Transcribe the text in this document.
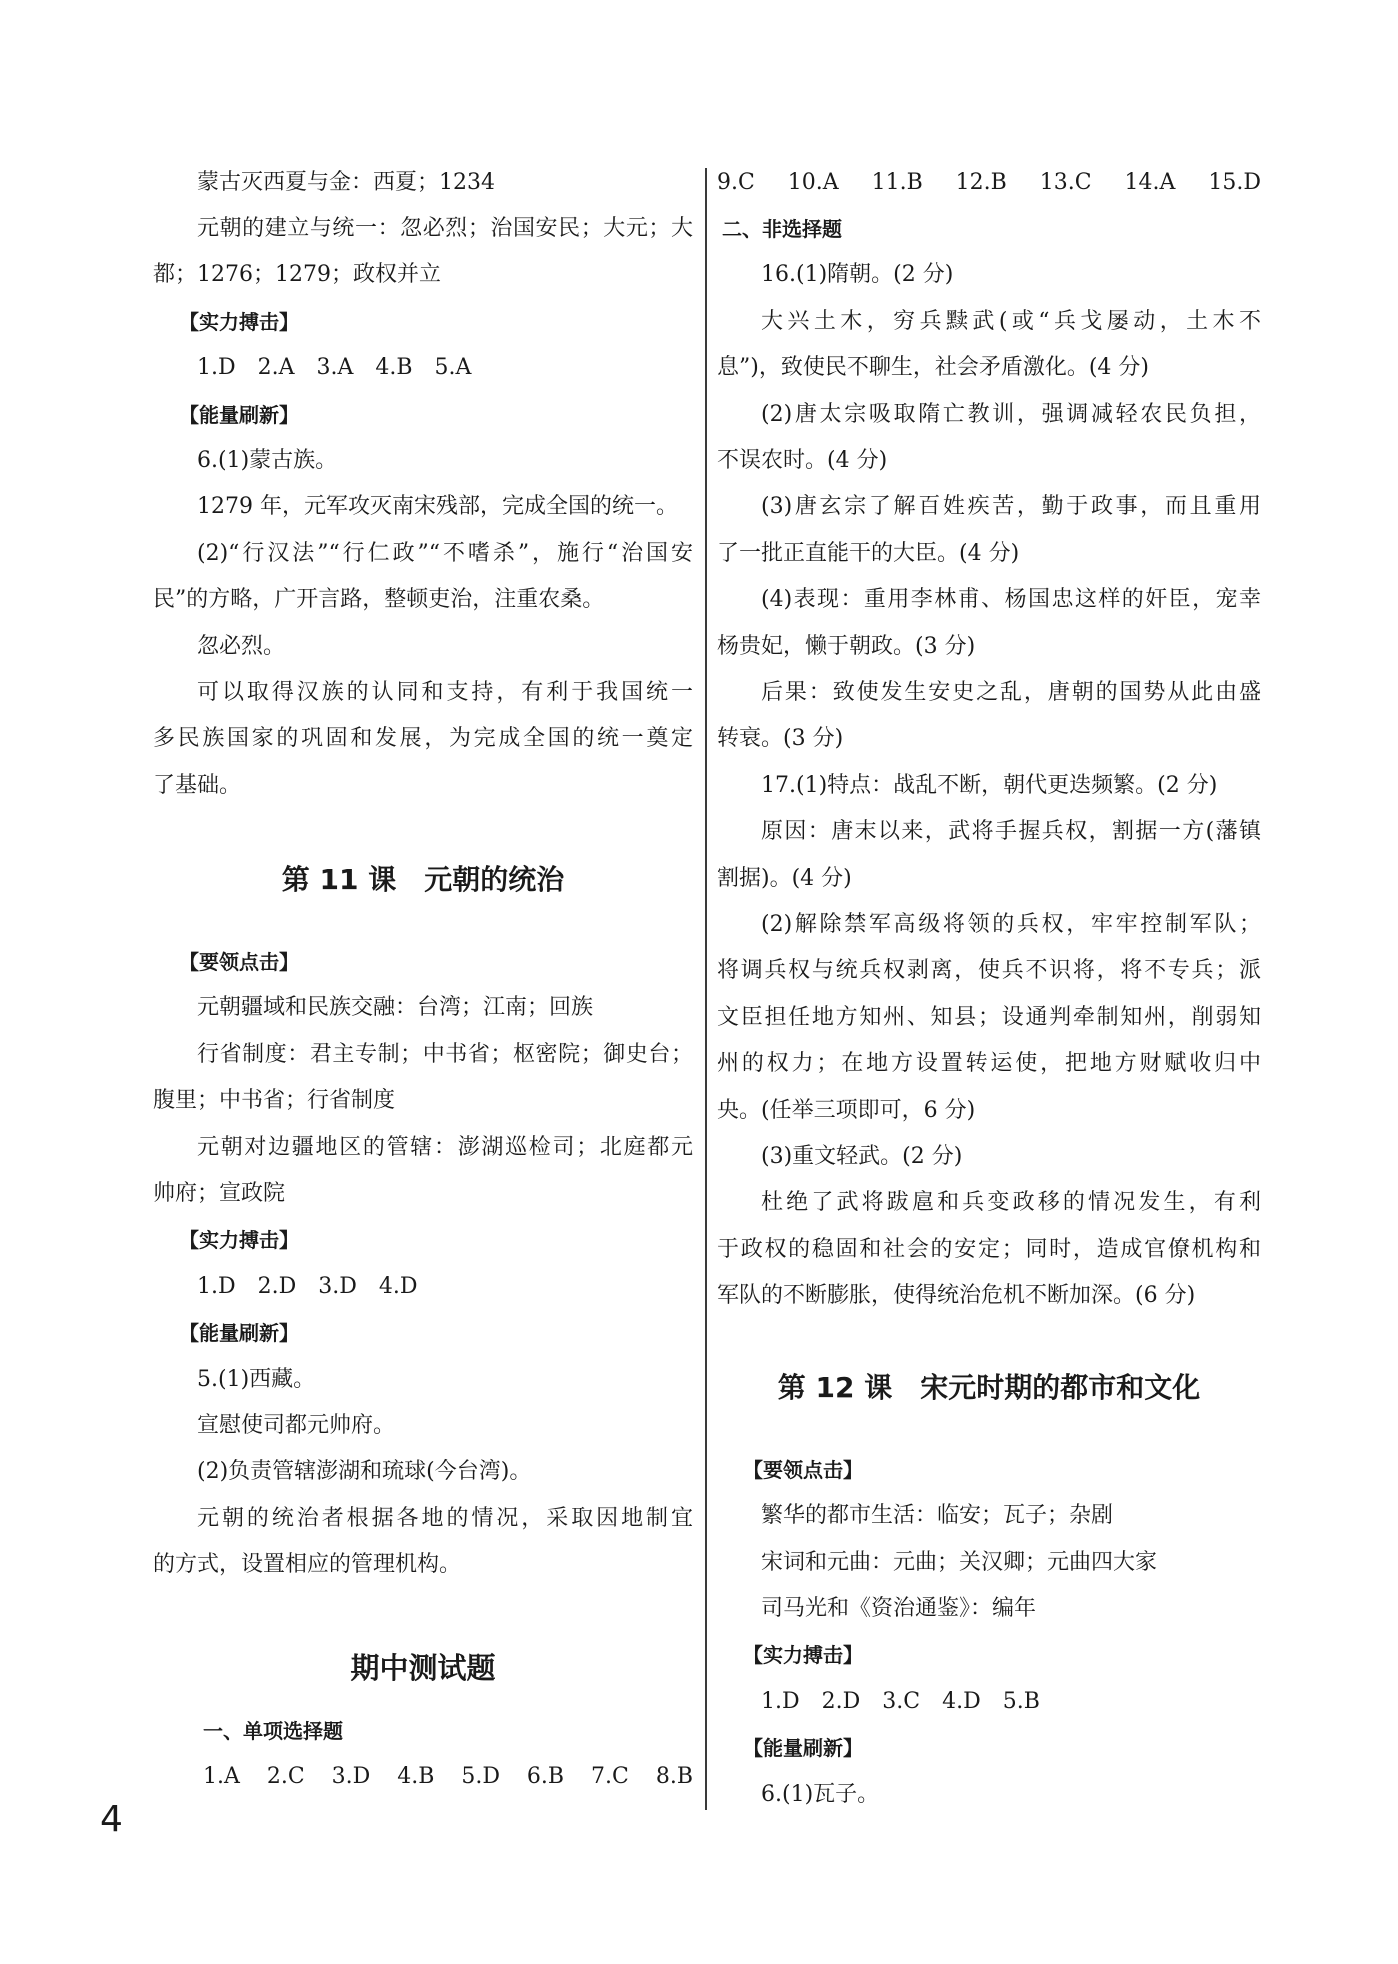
蒙古灭西夏与金：西夏；1234

元朝的建立与统一：忽必烈；治国安民；大元；大

都；1276；1279；政权并立

【实力搏击】

1.D　2.A　3.A　4.B　5.A

【能量刷新】

6.(1)蒙古族。

1279 年，元军攻灭南宋残部，完成全国的统一。

(2)“行汉法”“行仁政”“不嗜杀”，施行“治国安

民”的方略，广开言路，整顿吏治，注重农桑。

忽必烈。

可以取得汉族的认同和支持，有利于我国统一

多民族国家的巩固和发展，为完成全国的统一奠定

了基础。

第 11 课　元朝的统治

【要领点击】

元朝疆域和民族交融：台湾；江南；回族

行省制度：君主专制；中书省；枢密院；御史台；

腹里；中书省；行省制度

元朝对边疆地区的管辖：澎湖巡检司；北庭都元

帅府；宣政院

【实力搏击】

1.D　2.D　3.D　4.D

【能量刷新】

5.(1)西藏。

宣慰使司都元帅府。

(2)负责管辖澎湖和琉球(今台湾)。

元朝的统治者根据各地的情况，采取因地制宜

的方式，设置相应的管理机构。

期中测试题

一、单项选择题

1.A　2.C　3.D　4.B　5.D　6.B　7.C　8.B

9.C　10.A　11.B　12.B　13.C　14.A　15.D

二、非选择题

16.(1)隋朝。(2 分)

大兴土木，穷兵黩武(或“兵戈屡动，土木不

息”)，致使民不聊生，社会矛盾激化。(4 分)

(2)唐太宗吸取隋亡教训，强调减轻农民负担，

不误农时。(4 分)

(3)唐玄宗了解百姓疾苦，勤于政事，而且重用

了一批正直能干的大臣。(4 分)

(4)表现：重用李林甫、杨国忠这样的奸臣，宠幸

杨贵妃，懒于朝政。(3 分)

后果：致使发生安史之乱，唐朝的国势从此由盛

转衰。(3 分)

17.(1)特点：战乱不断，朝代更迭频繁。(2 分)

原因：唐末以来，武将手握兵权，割据一方(藩镇

割据)。(4 分)

(2)解除禁军高级将领的兵权，牢牢控制军队；

将调兵权与统兵权剥离，使兵不识将，将不专兵；派

文臣担任地方知州、知县；设通判牵制知州，削弱知

州的权力；在地方设置转运使，把地方财赋收归中

央。(任举三项即可，6 分)

(3)重文轻武。(2 分)

杜绝了武将跋扈和兵变政移的情况发生，有利

于政权的稳固和社会的安定；同时，造成官僚机构和

军队的不断膨胀，使得统治危机不断加深。(6 分)

第 12 课　宋元时期的都市和文化

【要领点击】

繁华的都市生活：临安；瓦子；杂剧

宋词和元曲：元曲；关汉卿；元曲四大家

司马光和《资治通鉴》：编年

【实力搏击】

1.D　2.D　3.C　4.D　5.B

【能量刷新】

6.(1)瓦子。

4
